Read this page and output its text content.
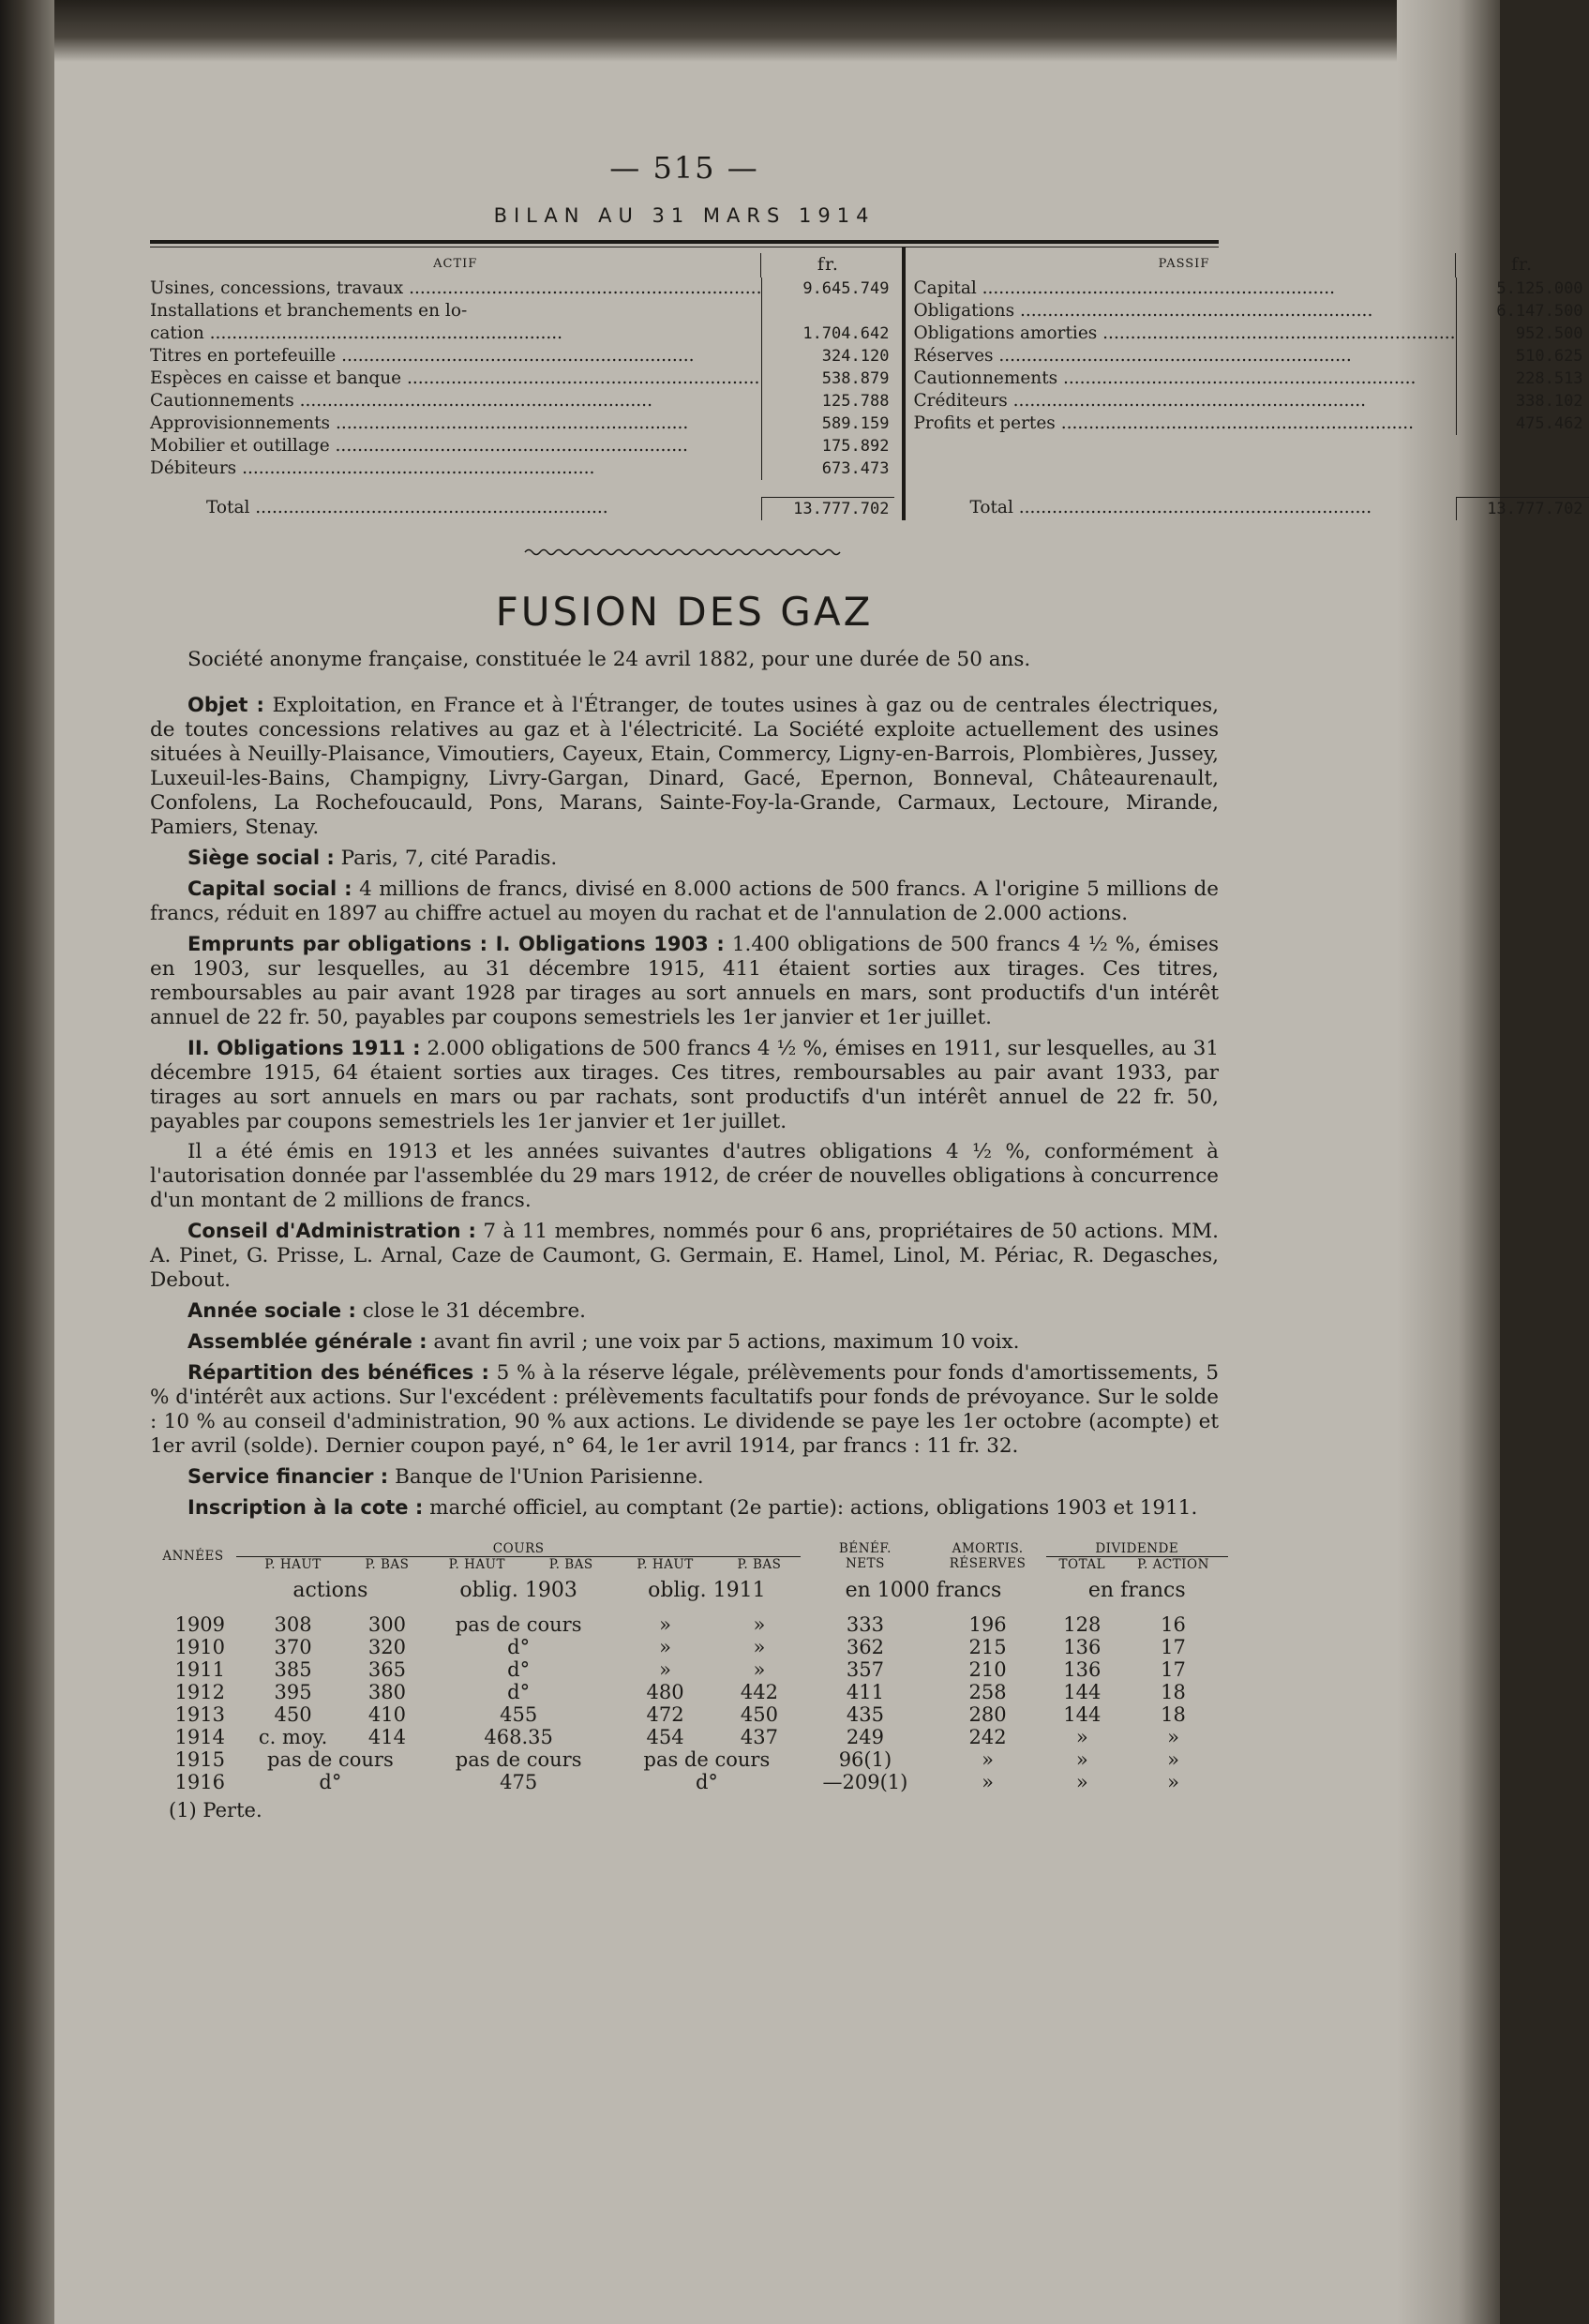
— 515 —
BILAN AU 31 MARS 1914
ACTIF	fr.
Usines, concessions, travaux .....	9.645.749
Installations et branchements en lo-
cation .....	1.704.642
Titres en portefeuille .....	324.120
Espèces en caisse et banque .....	538.879
Cautionnements .....	125.788
Approvisionnements .....	589.159
Mobilier et outillage .....	175.892
Débiteurs .....	673.473
Total .....	13.777.702
PASSIF	fr.
Capital .....	5.125.000
Obligations .....	6.147.500
Obligations amorties .....	952.500
Réserves .....	510.625
Cautionnements .....	228.513
Créditeurs .....	338.102
Profits et pertes .....	475.462
Total .....	13.777.702
FUSION DES GAZ

Société anonyme française, constituée le 24 avril 1882, pour une durée de 50 ans.

Objet : Exploitation, en France et à l'Étranger, de toutes usines à gaz ou de centrales électriques, de toutes concessions relatives au gaz et à l'électricité. La Société exploite actuellement des usines situées à Neuilly-Plaisance, Vimoutiers, Cayeux, Etain, Commercy, Ligny-en-Barrois, Plombières, Jussey, Luxeuil-les-Bains, Champigny, Livry-Gargan, Dinard, Gacé, Epernon, Bonneval, Châteaurenault, Confolens, La Rochefoucauld, Pons, Marans, Sainte-Foy-la-Grande, Carmaux, Lectoure, Mirande, Pamiers, Stenay.

Siège social : Paris, 7, cité Paradis.

Capital social : 4 millions de francs, divisé en 8.000 actions de 500 francs. A l'origine 5 millions de francs, réduit en 1897 au chiffre actuel au moyen du rachat et de l'annulation de 2.000 actions.

Emprunts par obligations : I. Obligations 1903 : 1.400 obligations de 500 francs 4 ½ %, émises en 1903, sur lesquelles, au 31 décembre 1915, 411 étaient sorties aux tirages. Ces titres, remboursables au pair avant 1928 par tirages au sort annuels en mars, sont productifs d'un intérêt annuel de 22 fr. 50, payables par coupons semestriels les 1er janvier et 1er juillet.

II. Obligations 1911 : 2.000 obligations de 500 francs 4 ½ %, émises en 1911, sur lesquelles, au 31 décembre 1915, 64 étaient sorties aux tirages. Ces titres, remboursables au pair avant 1933, par tirages au sort annuels en mars ou par rachats, sont productifs d'un intérêt annuel de 22 fr. 50, payables par coupons semestriels les 1er janvier et 1er juillet.

Il a été émis en 1913 et les années suivantes d'autres obligations 4 ½ %, conformément à l'autorisation donnée par l'assemblée du 29 mars 1912, de créer de nouvelles obligations à concurrence d'un montant de 2 millions de francs.

Conseil d'Administration : 7 à 11 membres, nommés pour 6 ans, propriétaires de 50 actions. MM. A. Pinet, G. Prisse, L. Arnal, Caze de Caumont, G. Germain, E. Hamel, Linol, M. Périac, R. Degasches, Debout.

Année sociale : close le 31 décembre.

Assemblée générale : avant fin avril ; une voix par 5 actions, maximum 10 voix.

Répartition des bénéfices : 5 % à la réserve légale, prélèvements pour fonds d'amortissements, 5 % d'intérêt aux actions. Sur l'excédent : prélèvements facultatifs pour fonds de prévoyance. Sur le solde : 10 % au conseil d'administration, 90 % aux actions. Le dividende se paye les 1er octobre (acompte) et 1er avril (solde). Dernier coupon payé, n° 64, le 1er avril 1914, par francs : 11 fr. 32.

Service financier : Banque de l'Union Parisienne.

Inscription à la cote : marché officiel, au comptant (2e partie): actions, obligations 1903 et 1911.

ANNÉES	COURS						BÉNÉF.	AMORTIS.	DIVIDENDE	
	P. HAUT	P. BAS	P. HAUT	P. BAS	P. HAUT	P. BAS	NETS	RÉSERVES	TOTAL	P. ACTION
	actions		oblig. 1903		oblig. 1911		en 1000 francs		en francs	
1909	308	300	pas de cours		»	»	333	196	128	16
1910	370	320	d°		»	»	362	215	136	17
1911	385	365	d°		»	»	357	210	136	17
1912	395	380	d°		480	442	411	258	144	18
1913	450	410	455		472	450	435	280	144	18
1914	c. moy.	414	468.35		454	437	249	242	»	»
1915	pas de cours		pas de cours		pas de cours		96(1)	»	»	»
1916	d°		475		d°		—209(1)	»	»	»
(1) Perte.
